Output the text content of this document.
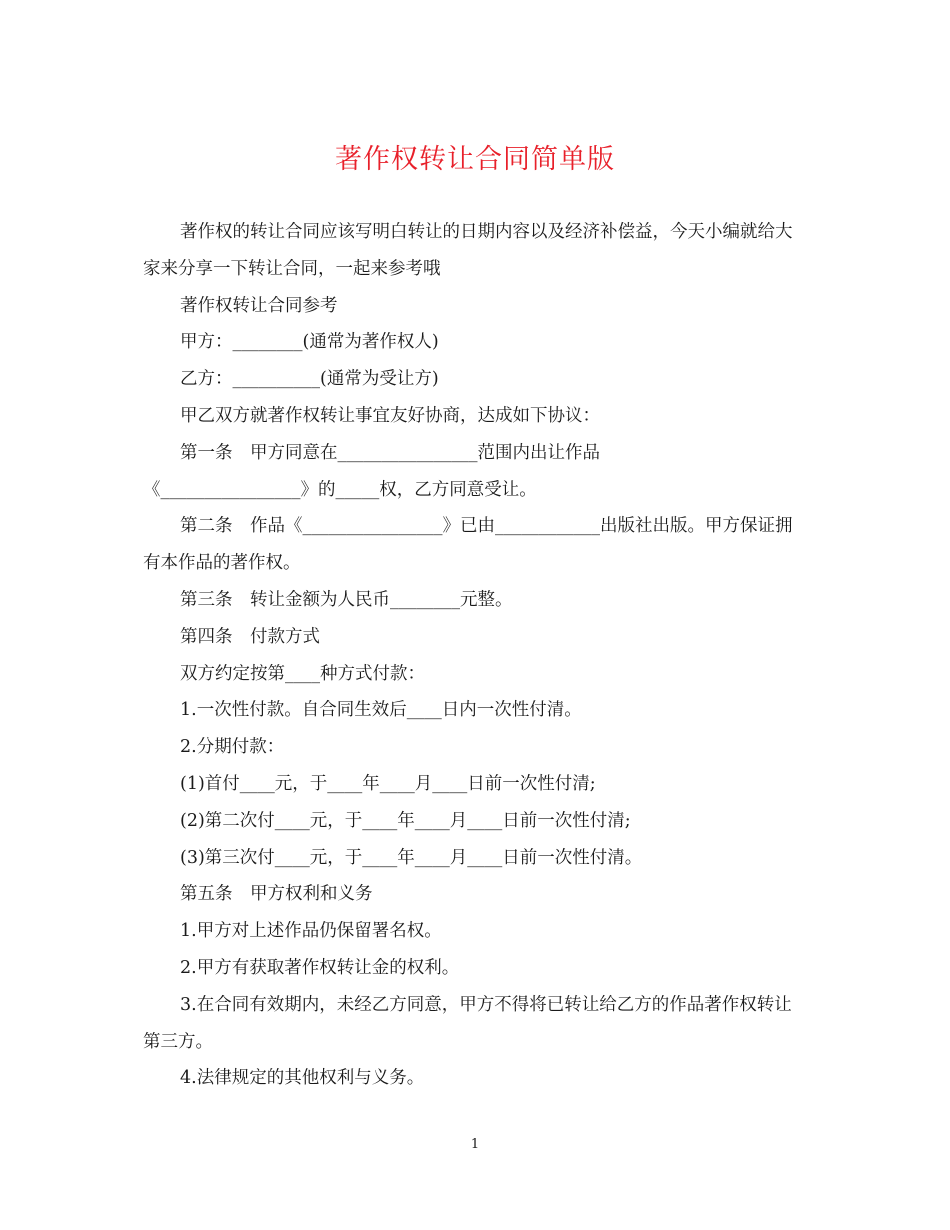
著作权转让合同简单版

著作权的转让合同应该写明白转让的日期内容以及经济补偿益，今天小编就给大家来分享一下转让合同，一起来参考哦

著作权转让合同参考

甲方：________(通常为著作权人)

乙方：__________(通常为受让方)

甲乙双方就著作权转让事宜友好协商，达成如下协议：

第一条　甲方同意在________________范围内出让作品

《________________》的_____权，乙方同意受让。

第二条　作品《________________》已由____________出版社出版。甲方保证拥有本作品的著作权。

第三条　转让金额为人民币________元整。

第四条　付款方式

双方约定按第____种方式付款：

1.一次性付款。自合同生效后____日内一次性付清。

2.分期付款：

(1)首付____元，于____年____月____日前一次性付清;

(2)第二次付____元，于____年____月____日前一次性付清;

(3)第三次付____元，于____年____月____日前一次性付清。

第五条　甲方权利和义务

1.甲方对上述作品仍保留署名权。

2.甲方有获取著作权转让金的权利。

3.在合同有效期内，未经乙方同意，甲方不得将已转让给乙方的作品著作权转让第三方。

4.法律规定的其他权利与义务。

1
